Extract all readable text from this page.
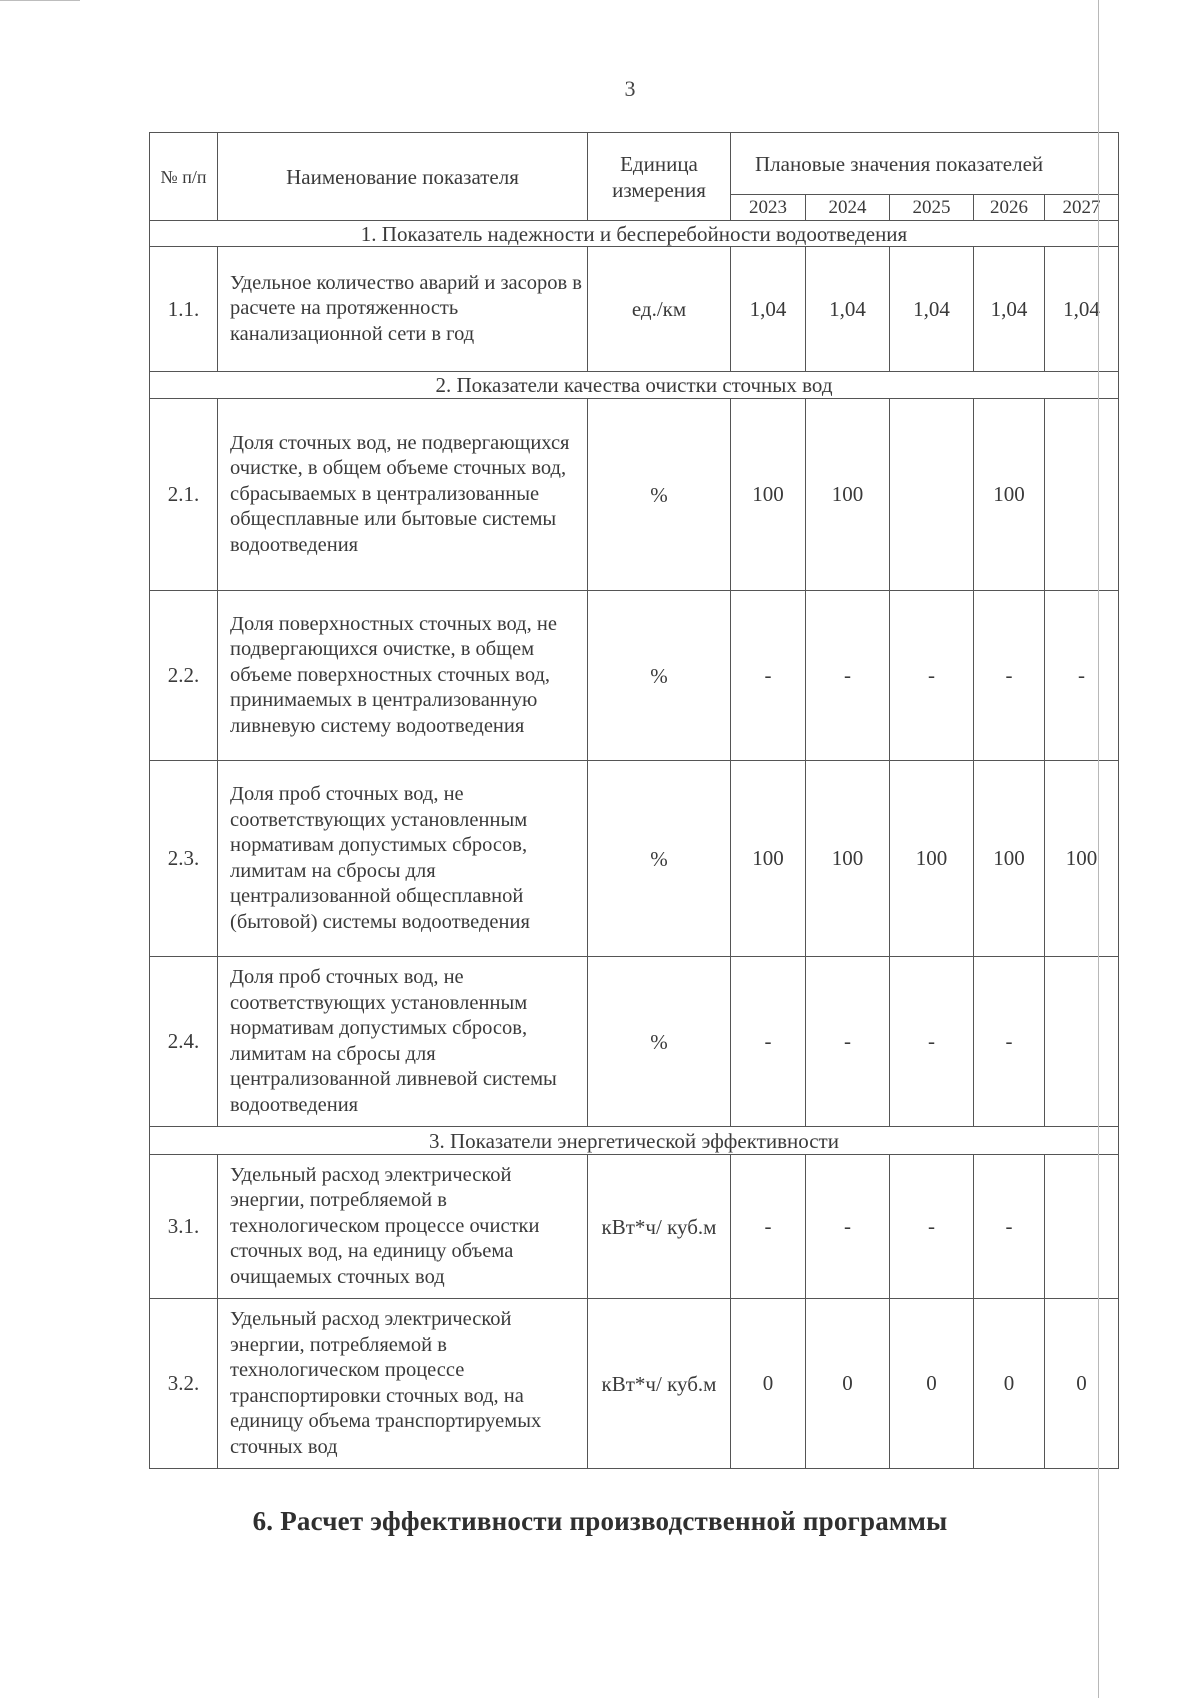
3
№ п/п	Наименование показателя	Единица измерения	Плановые значения показателей				
			2023	2024	2025	2026	2027
1. Показатель надежности и бесперебойности водоотведения							
1.1.	Удельное количество аварий и засоров в расчете на протяженность канализационной сети в год	ед./км	1,04	1,04	1,04	1,04	1,04
2. Показатели качества очистки сточных вод							
2.1.	Доля сточных вод, не подвергающихся очистке, в общем объеме сточных вод, сбрасываемых в централизованные общесплавные или бытовые системы водоотведения	%	100	100		100	
2.2.	Доля поверхностных сточных вод, не подвергающихся очистке, в общем объеме поверхностных сточных вод, принимаемых в централизованную ливневую систему водоотведения	%	-	-	-	-	-
2.3.	Доля проб сточных вод, не соответствующих установленным нормативам допустимых сбросов, лимитам на сбросы для централизованной общесплавной (бытовой) системы водоотведения	%	100	100	100	100	100
2.4.	Доля проб сточных вод, не соответствующих установленным нормативам допустимых сбросов, лимитам на сбросы для централизованной ливневой системы водоотведения	%	-	-	-	-	
3. Показатели энергетической эффективности							
3.1.	Удельный расход электрической энергии, потребляемой в технологическом процессе очистки сточных вод, на единицу объема очищаемых сточных вод	кВт*ч/ куб.м	-	-	-	-	
3.2.	Удельный расход электрической энергии, потребляемой в технологическом процессе транспортировки сточных вод, на единицу объема транспортируемых сточных вод	кВт*ч/ куб.м	0	0	0	0	0
6. Расчет эффективности производственной программы
